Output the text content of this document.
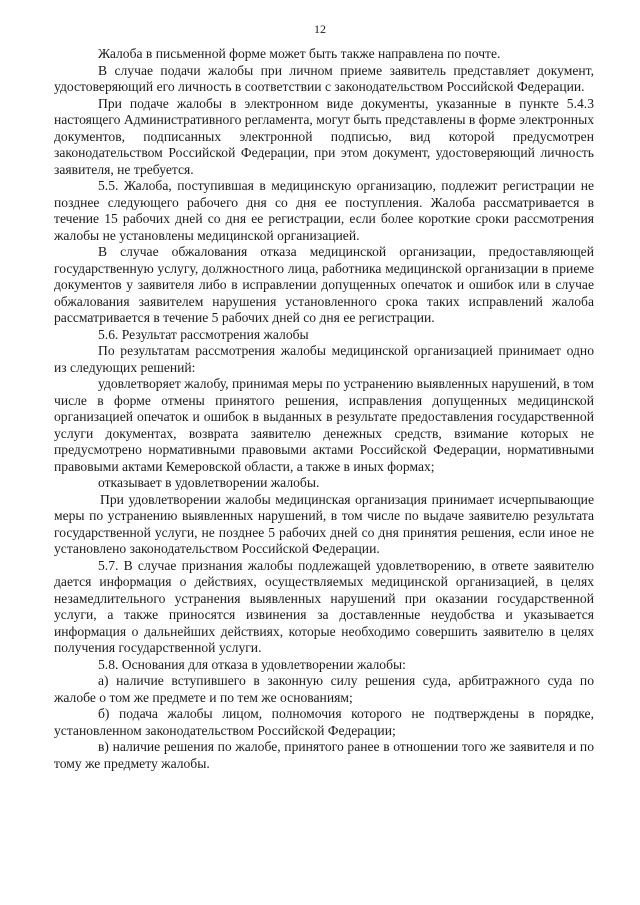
12

Жалоба в письменной форме может быть также направлена по почте.

В случае подачи жалобы при личном приеме заявитель представляет документ, удостоверяющий его личность в соответствии с законодательством Российской Федерации.

При подаче жалобы в электронном виде документы, указанные в пункте 5.4.3 настоящего Административного регламента, могут быть представлены в форме электронных документов, подписанных электронной подписью, вид которой предусмотрен законодательством Российской Федерации, при этом документ, удостоверяющий личность заявителя, не требуется.

5.5. Жалоба, поступившая в медицинскую организацию, подлежит регистрации не позднее следующего рабочего дня со дня ее поступления. Жалоба рассматривается в течение 15 рабочих дней со дня ее регистрации, если более короткие сроки рассмотрения жалобы не установлены медицинской организацией.

В случае обжалования отказа медицинской организации, предоставляющей государственную услугу, должностного лица, работника медицинской организации в приеме документов у заявителя либо в исправлении допущенных опечаток и ошибок или в случае обжалования заявителем нарушения установленного срока таких исправлений жалоба рассматривается в течение 5 рабочих дней со дня ее регистрации.

5.6. Результат рассмотрения жалобы

По результатам рассмотрения жалобы медицинской организацией принимает одно из следующих решений:

удовлетворяет жалобу, принимая меры по устранению выявленных нарушений, в том числе в форме отмены принятого решения, исправления допущенных медицинской организацией опечаток и ошибок в выданных в результате предоставления государственной услуги документах, возврата заявителю денежных средств, взимание которых не предусмотрено нормативными правовыми актами Российской Федерации, нормативными правовыми актами Кемеровской области, а также в иных формах;

отказывает в удовлетворении жалобы.

При удовлетворении жалобы медицинская организация принимает исчерпывающие меры по устранению выявленных нарушений, в том числе по выдаче заявителю результата государственной услуги, не позднее 5 рабочих дней со дня принятия решения, если иное не установлено законодательством Российской Федерации.

5.7. В случае признания жалобы подлежащей удовлетворению, в ответе заявителю дается информация о действиях, осуществляемых медицинской организацией, в целях незамедлительного устранения выявленных нарушений при оказании государственной услуги, а также приносятся извинения за доставленные неудобства и указывается информация о дальнейших действиях, которые необходимо совершить заявителю в целях получения государственной услуги.

5.8. Основания для отказа в удовлетворении жалобы:

а) наличие вступившего в законную силу решения суда, арбитражного суда по жалобе о том же предмете и по тем же основаниям;

б) подача жалобы лицом, полномочия которого не подтверждены в порядке, установленном законодательством Российской Федерации;

в) наличие решения по жалобе, принятого ранее в отношении того же заявителя и по тому же предмету жалобы.
